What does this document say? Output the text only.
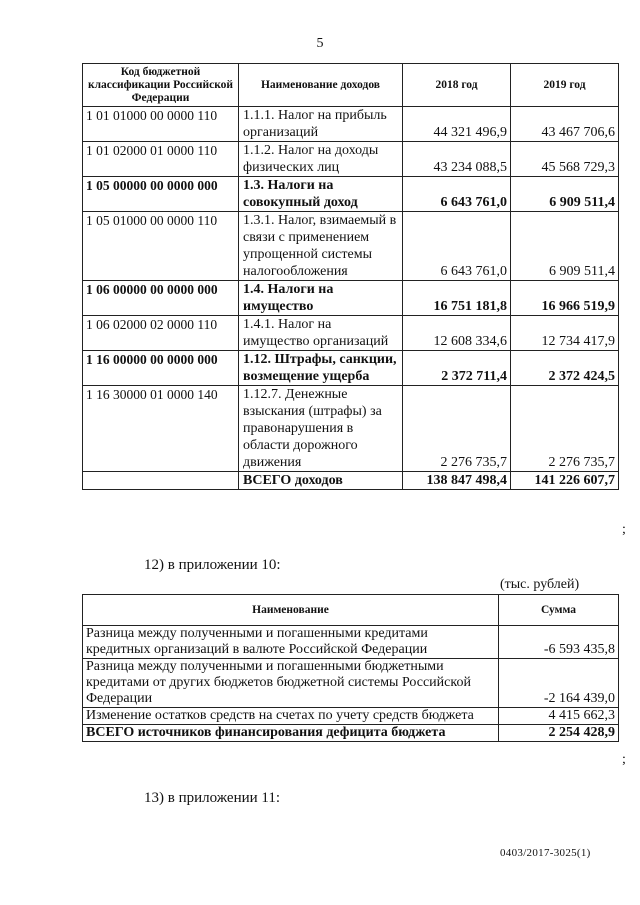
5
Код бюджетной классификации Российской Федерации	Наименование доходов	2018 год	2019 год
1 01 01000 00 0000 110	1.1.1. Налог на прибыль организаций	44 321 496,9	43 467 706,6
1 01 02000 01 0000 110	1.1.2. Налог на доходы физических лиц	43 234 088,5	45 568 729,3
1 05 00000 00 0000 000	1.3. Налоги на совокупный доход	6 643 761,0	6 909 511,4
1 05 01000 00 0000 110	1.3.1. Налог, взимаемый в связи с применением упрощенной системы налогообложения	6 643 761,0	6 909 511,4
1 06 00000 00 0000 000	1.4. Налоги на имущество	16 751 181,8	16 966 519,9
1 06 02000 02 0000 110	1.4.1. Налог на имущество организаций	12 608 334,6	12 734 417,9
1 16 00000 00 0000 000	1.12. Штрафы, санкции, возмещение ущерба	2 372 711,4	2 372 424,5
1 16 30000 01 0000 140	1.12.7. Денежные взыскания (штрафы) за правонарушения в области дорожного движения	2 276 735,7	2 276 735,7
	ВСЕГО доходов	138 847 498,4	141 226 607,7
;
12) в приложении 10:
(тыс. рублей)
Наименование	Сумма
Разница между полученными и погашенными кредитами кредитных организаций в валюте Российской Федерации	-6 593 435,8
Разница между полученными и погашенными бюджетными кредитами от других бюджетов бюджетной системы Российской Федерации	-2 164 439,0
Изменение остатков средств на счетах по учету средств бюджета	4 415 662,3
ВСЕГО источников финансирования дефицита бюджета	2 254 428,9
;
13) в приложении 11:
0403/2017-3025(1)
